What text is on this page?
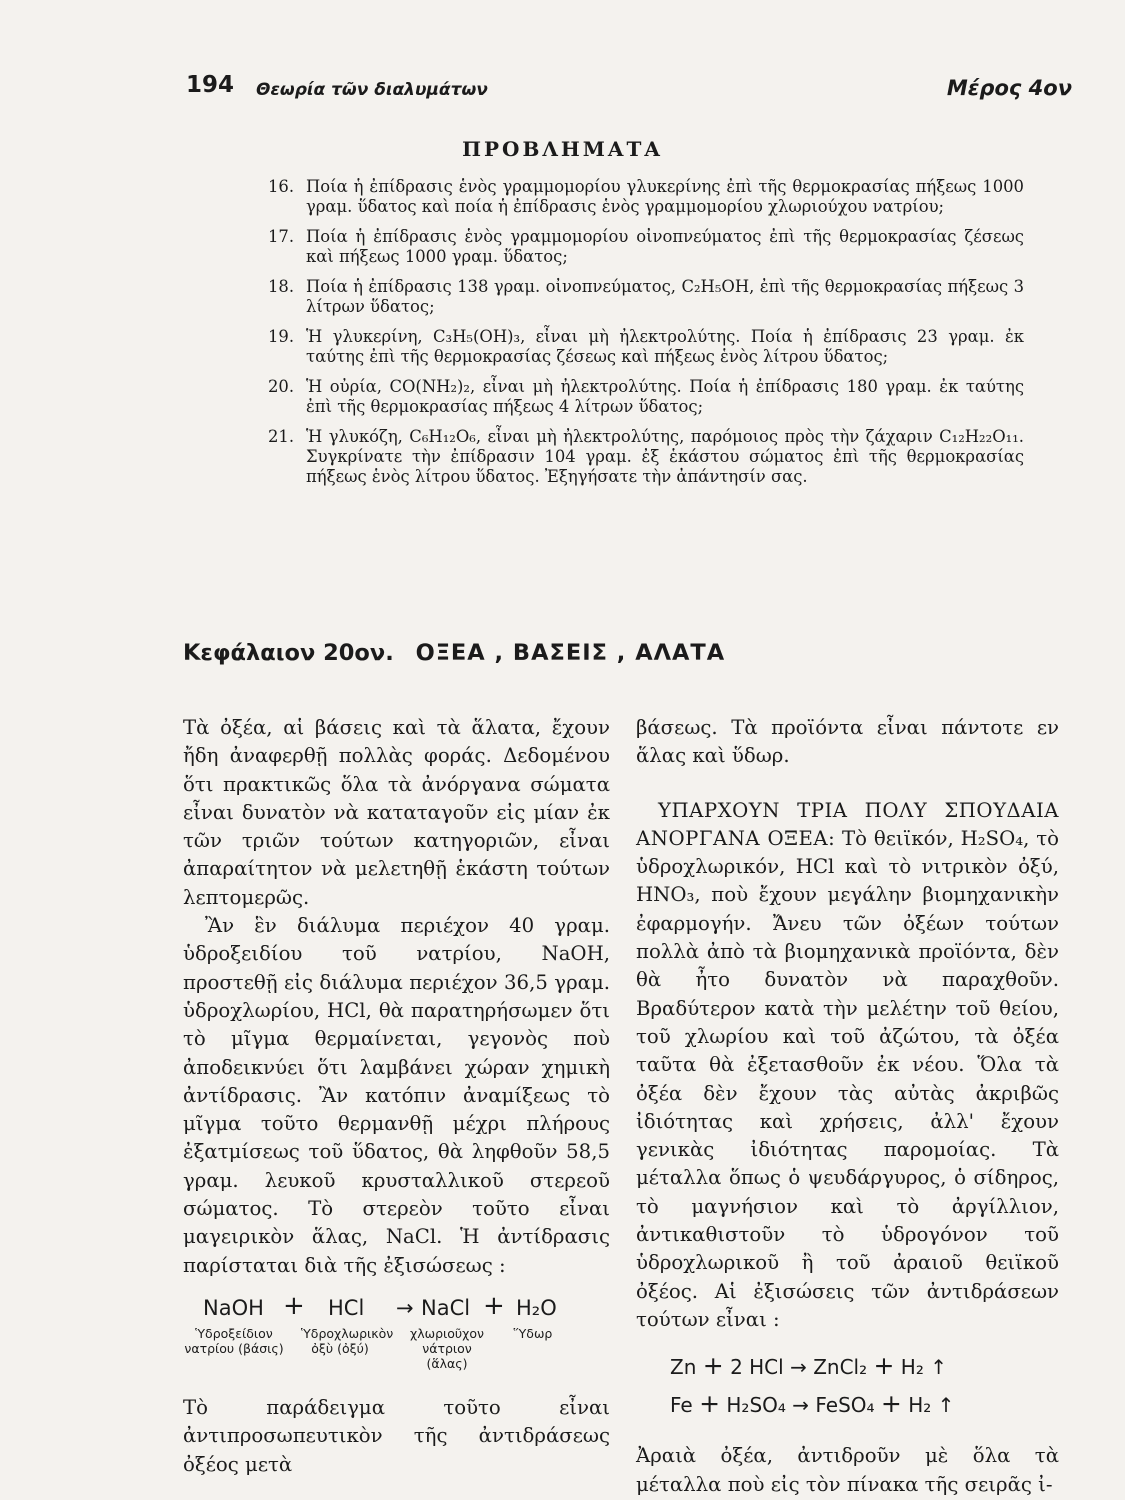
194 Θεωρία τῶν διαλυμάτων	Μέρος 4ον
ΠΡΟΒΛΗΜΑΤΑ
16. Ποία ἡ ἐπίδρασις ἑνὸς γραμμομορίου γλυκερίνης ἐπὶ τῆς θερμοκρασίας πήξεως 1000 γραμ. ὕδατος καὶ ποία ἡ ἐπίδρασις ἑνὸς γραμμομορίου χλωριούχου νατρίου;
17. Ποία ἡ ἐπίδρασις ἑνὸς γραμμομορίου οἰνοπνεύματος ἐπὶ τῆς θερμοκρασίας ζέσεως καὶ πήξεως 1000 γραμ. ὕδατος;
18. Ποία ἡ ἐπίδρασις 138 γραμ. οἰνοπνεύματος, C₂H₅OH, ἐπὶ τῆς θερμοκρασίας πήξεως 3 λίτρων ὕδατος;
19. Ἡ γλυκερίνη, C₃H₅(OH)₃, εἶναι μὴ ἠλεκτρολύτης. Ποία ἡ ἐπίδρασις 23 γραμ. ἐκ ταύτης ἐπὶ τῆς θερμοκρασίας ζέσεως καὶ πήξεως ἑνὸς λίτρου ὕδατος;
20. Ἡ οὐρία, CO(NH₂)₂, εἶναι μὴ ἠλεκτρολύτης. Ποία ἡ ἐπίδρασις 180 γραμ. ἐκ ταύτης ἐπὶ τῆς θερμοκρασίας πήξεως 4 λίτρων ὕδατος;
21. Ἡ γλυκόζη, C₆H₁₂O₆, εἶναι μὴ ἠλεκτρολύτης, παρόμοιος πρὸς τὴν ζάχαριν C₁₂H₂₂O₁₁. Συγκρίνατε τὴν ἐπίδρασιν 104 γραμ. ἐξ ἑκάστου σώματος ἐπὶ τῆς θερμοκρασίας πήξεως ἑνὸς λίτρου ὕδατος. Ἐξηγήσατε τὴν ἀπάντησίν σας.
Κεφάλαιον 20ον. ΟΞΕΑ , ΒΑΣΕΙΣ , ΑΛΑΤΑ

Τὰ ὀξέα, αἱ βάσεις καὶ τὰ ἅλατα, ἔχουν ἤδη ἀναφερθῇ πολλὰς φοράς. Δεδομένου ὅτι πρακτικῶς ὅλα τὰ ἀνόργανα σώματα εἶναι δυνατὸν νὰ καταταγοῦν εἰς μίαν ἐκ τῶν τριῶν τούτων κατηγοριῶν, εἶναι ἀπαραίτητον νὰ μελετηθῇ ἑκάστη τούτων λεπτομερῶς.

Ἂν ἓν διάλυμα περιέχον 40 γραμ. ὑδροξειδίου τοῦ νατρίου, NaOH, προστεθῇ εἰς διάλυμα περιέχον 36,5 γραμ. ὑδροχλωρίου, HCl, θὰ παρατηρήσωμεν ὅτι τὸ μῖγμα θερμαίνεται, γεγονὸς ποὺ ἀποδεικνύει ὅτι λαμβάνει χώραν χημικὴ ἀντίδρασις. Ἂν κατόπιν ἀναμίξεως τὸ μῖγμα τοῦτο θερμανθῇ μέχρι πλήρους ἐξατμίσεως τοῦ ὕδατος, θὰ ληφθοῦν 58,5 γραμ. λευκοῦ κρυσταλλικοῦ στερεοῦ σώματος. Τὸ στερεὸν τοῦτο εἶναι μαγειρικὸν ἅλας, NaCl. Ἡ ἀντίδρασις παρίσταται διὰ τῆς ἐξισώσεως :

NaOH + HCl → NaCl + H₂O
Ὑδροξείδιον νατρίου (βάσις)
Ὑδροχλωρικὸν ὀξὺ (ὀξύ)
χλωριοῦχον νάτριον (ἅλας)
Ὕδωρ

Τὸ παράδειγμα τοῦτο εἶναι ἀντιπροσωπευτικὸν τῆς ἀντιδράσεως ὀξέος μετὰ

βάσεως. Τὰ προϊόντα εἶναι πάντοτε εν ἅλας καὶ ὕδωρ.

ΥΠΑΡΧΟΥΝ ΤΡΙΑ ΠΟΛΥ ΣΠΟΥΔΑΙΑ ΑΝΟΡΓΑΝΑ ΟΞΕΑ: Τὸ θειϊκόν, H₂SO₄, τὸ ὑδροχλωρικόν, HCl καὶ τὸ νιτρικὸν ὀξύ, HNO₃, ποὺ ἔχουν μεγάλην βιομηχανικὴν ἐφαρμογήν. Ἄνευ τῶν ὀξέων τούτων πολλὰ ἀπὸ τὰ βιομηχανικὰ προϊόντα, δὲν θὰ ἦτο δυνατὸν νὰ παραχθοῦν. Βραδύτερον κατὰ τὴν μελέτην τοῦ θείου, τοῦ χλωρίου καὶ τοῦ ἀζώτου, τὰ ὀξέα ταῦτα θὰ ἐξετασθοῦν ἐκ νέου. Ὅλα τὰ ὀξέα δὲν ἔχουν τὰς αὐτὰς ἀκριβῶς ἰδιότητας καὶ χρήσεις, ἀλλ' ἔχουν γενικὰς ἰδιότητας παρομοίας. Τὰ μέταλλα ὅπως ὁ ψευδάργυρος, ὁ σίδηρος, τὸ μαγνήσιον καὶ τὸ ἀργίλλιον, ἀντικαθιστοῦν τὸ ὑδρογόνον τοῦ ὑδροχλωρικοῦ ἢ τοῦ ἀραιοῦ θειϊκοῦ ὀξέος. Αἱ ἐξισώσεις τῶν ἀντιδράσεων τούτων εἶναι :

Zn + 2 HCl → ZnCl₂ + H₂ ↑
Fe + H₂SO₄ → FeSO₄ + H₂ ↑

Ἀραιὰ ὀξέα, ἀντιδροῦν μὲ ὅλα τὰ μέταλλα ποὺ εἰς τὸν πίνακα τῆς σειρᾶς ἰ-
